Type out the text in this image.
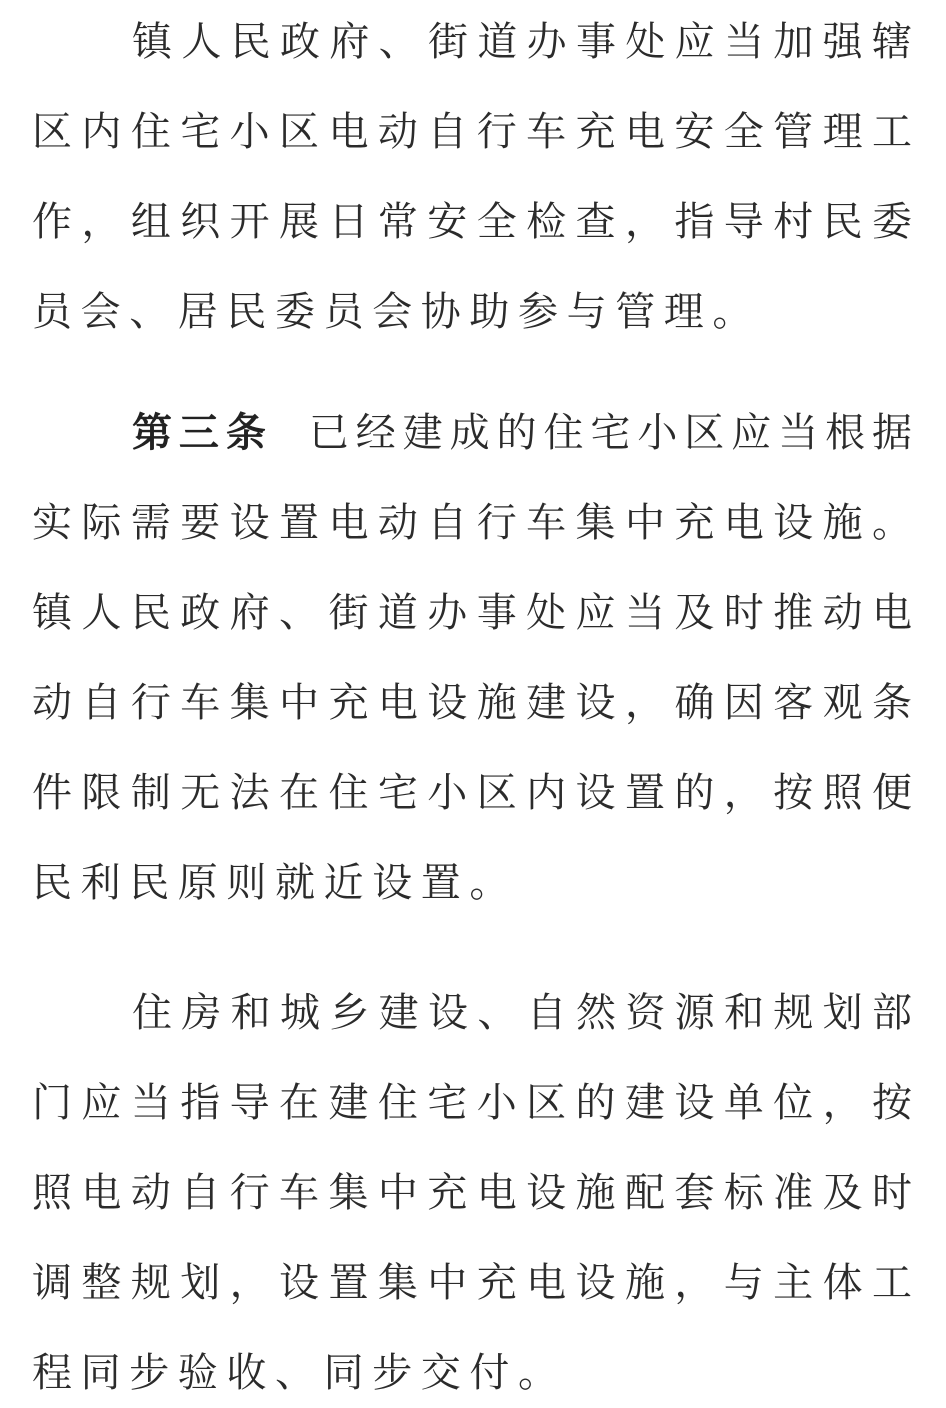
镇人民政府、街道办事处应当加强辖
区内住宅小区电动自行车充电安全管理工
作，组织开展日常安全检查，指导村民委
员会、居民委员会协助参与管理。
第三条 已经建成的住宅小区应当根据
实际需要设置电动自行车集中充电设施。
镇人民政府、街道办事处应当及时推动电
动自行车集中充电设施建设，确因客观条
件限制无法在住宅小区内设置的，按照便
民利民原则就近设置。
住房和城乡建设、自然资源和规划部
门应当指导在建住宅小区的建设单位，按
照电动自行车集中充电设施配套标准及时
调整规划，设置集中充电设施，与主体工
程同步验收、同步交付。
